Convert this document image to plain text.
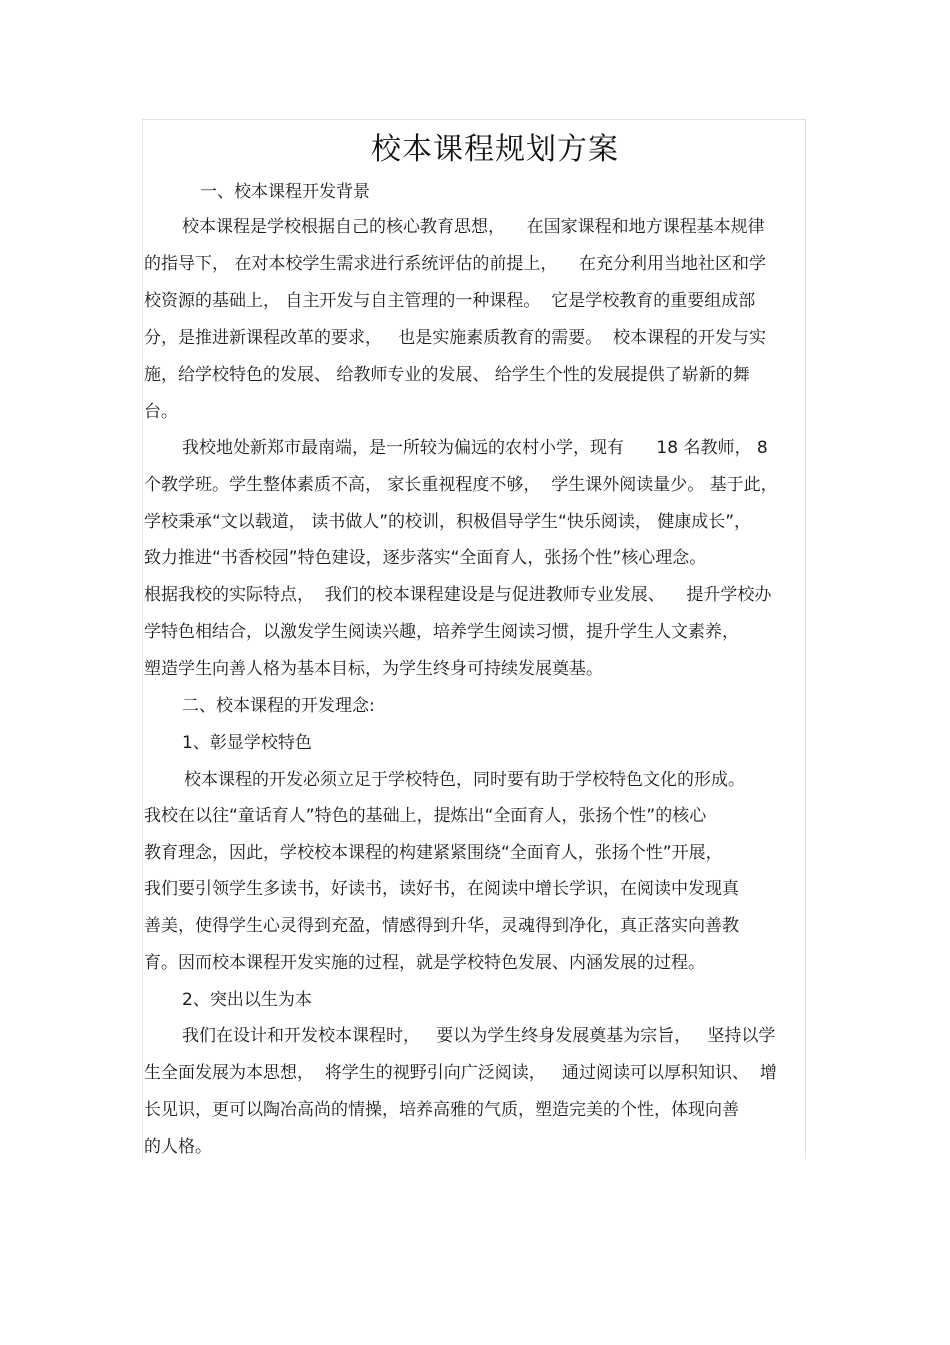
校本课程规划方案
一、校本课程开发背景
校本课程是学校根据自己的核心教育思想，    在国家课程和地方课程基本规律
的指导下， 在对本校学生需求进行系统评估的前提上，    在充分利用当地社区和学
校资源的基础上， 自主开发与自主管理的一种课程。  它是学校教育的重要组成部
分，是推进新课程改革的要求，   也是实施素质教育的需要。  校本课程的开发与实
施，给学校特色的发展、 给教师专业的发展、 给学生个性的发展提供了崭新的舞
台。
我校地处新郑市最南端，是一所较为偏远的农村小学，现有      18 名教师， 8
个教学班。学生整体素质不高， 家长重视程度不够，  学生课外阅读量少。 基于此，
学校秉承“文以载道， 读书做人”的校训，积极倡导学生“快乐阅读， 健康成长”，
致力推进“书香校园”特色建设，逐步落实“全面育人，张扬个性”核心理念。
根据我校的实际特点，  我们的校本课程建设是与促进教师专业发展、    提升学校办
学特色相结合，以激发学生阅读兴趣，培养学生阅读习惯，提升学生人文素养，
塑造学生向善人格为基本目标，为学生终身可持续发展奠基。
二、校本课程的开发理念:
1、彰显学校特色
校本课程的开发必须立足于学校特色，同时要有助于学校特色文化的形成。
我校在以往“童话育人”特色的基础上，提炼出“全面育人，张扬个性”的核心
教育理念，因此，学校校本课程的构建紧紧围绕“全面育人，张扬个性”开展，
我们要引领学生多读书，好读书，读好书，在阅读中增长学识，在阅读中发现真
善美，使得学生心灵得到充盈，情感得到升华，灵魂得到净化，真正落实向善教
育。因而校本课程开发实施的过程，就是学校特色发展、内涵发展的过程。
2、突出以生为本
我们在设计和开发校本课程时，   要以为学生终身发展奠基为宗旨，   坚持以学
生全面发展为本思想，  将学生的视野引向广泛阅读，   通过阅读可以厚积知识、  增
长见识，更可以陶冶高尚的情操，培养高雅的气质，塑造完美的个性，体现向善
的人格。
